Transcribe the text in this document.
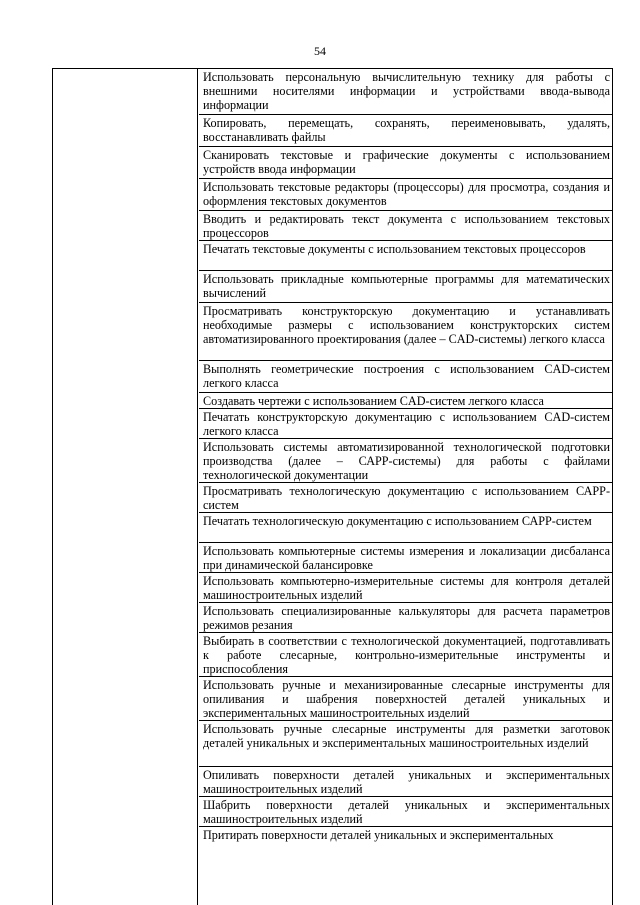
54
Использовать персональную вычислительную технику для работы с внешними носителями информации и устройствами ввода-вывода информации
Копировать, перемещать, сохранять, переименовывать, удалять, восстанавливать файлы
Сканировать текстовые и графические документы с использованием устройств ввода информации
Использовать текстовые редакторы (процессоры) для просмотра, создания и оформления текстовых документов
Вводить и редактировать текст документа с использованием текстовых процессоров
Печатать текстовые документы с использованием текстовых процессоров
Использовать прикладные компьютерные программы для математических вычислений
Просматривать конструкторскую документацию и устанавливать необходимые размеры с использованием конструкторских систем автоматизированного проектирования (далее – CAD-системы) легкого класса
Выполнять геометрические построения с использованием CAD-систем легкого класса
Создавать чертежи с использованием CAD-систем легкого класса
Печатать конструкторскую документацию с использованием CAD-систем легкого класса
Использовать системы автоматизированной технологической подготовки производства (далее – САPP-системы) для работы с файлами технологической документации
Просматривать технологическую документацию с использованием САPP-систем
Печатать технологическую документацию с использованием САPP-систем
Использовать компьютерные системы измерения и локализации дисбаланса при динамической балансировке
Использовать компьютерно-измерительные системы для контроля деталей машиностроительных изделий
Использовать специализированные калькуляторы для расчета параметров режимов резания
Выбирать в соответствии с технологической документацией, подготавливать к работе слесарные, контрольно-измерительные инструменты и приспособления
Использовать ручные и механизированные слесарные инструменты для опиливания и шабрения поверхностей деталей уникальных и экспериментальных машиностроительных изделий
Использовать ручные слесарные инструменты для разметки заготовок деталей уникальных и экспериментальных машиностроительных изделий
Опиливать поверхности деталей уникальных и экспериментальных машиностроительных изделий
Шабрить поверхности деталей уникальных и экспериментальных машиностроительных изделий
Притирать поверхности деталей уникальных и экспериментальных
